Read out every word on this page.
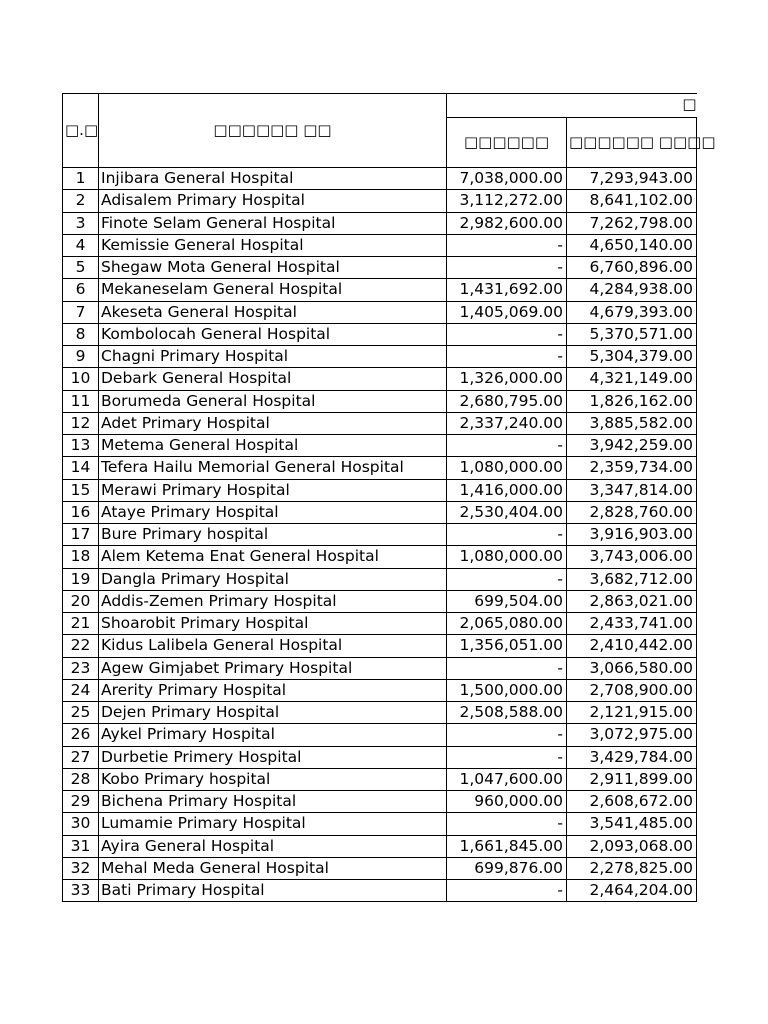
□.□	□□□□□□ □□	□	
		□□□□□□	□□□□□□ □□□□
1	Injibara General Hospital	7,038,000.00	7,293,943.00
2	Adisalem Primary Hospital	3,112,272.00	8,641,102.00
3	Finote Selam General Hospital	2,982,600.00	7,262,798.00
4	Kemissie General Hospital	-	4,650,140.00
5	Shegaw Mota General Hospital	-	6,760,896.00
6	Mekaneselam General Hospital	1,431,692.00	4,284,938.00
7	Akeseta General Hospital	1,405,069.00	4,679,393.00
8	Kombolocah General Hospital	-	5,370,571.00
9	Chagni Primary Hospital	-	5,304,379.00
10	Debark General Hospital	1,326,000.00	4,321,149.00
11	Borumeda General Hospital	2,680,795.00	1,826,162.00
12	Adet Primary Hospital	2,337,240.00	3,885,582.00
13	Metema General Hospital	-	3,942,259.00
14	Tefera Hailu Memorial General Hospital	1,080,000.00	2,359,734.00
15	Merawi Primary Hospital	1,416,000.00	3,347,814.00
16	Ataye Primary Hospital	2,530,404.00	2,828,760.00
17	Bure Primary hospital	-	3,916,903.00
18	Alem Ketema Enat General Hospital	1,080,000.00	3,743,006.00
19	Dangla Primary Hospital	-	3,682,712.00
20	Addis-Zemen Primary Hospital	699,504.00	2,863,021.00
21	Shoarobit Primary Hospital	2,065,080.00	2,433,741.00
22	Kidus Lalibela General Hospital	1,356,051.00	2,410,442.00
23	Agew Gimjabet Primary Hospital	-	3,066,580.00
24	Arerity Primary Hospital	1,500,000.00	2,708,900.00
25	Dejen Primary Hospital	2,508,588.00	2,121,915.00
26	Aykel Primary Hospital	-	3,072,975.00
27	Durbetie Primery Hospital	-	3,429,784.00
28	Kobo Primary hospital	1,047,600.00	2,911,899.00
29	Bichena Primary Hospital	960,000.00	2,608,672.00
30	Lumamie Primary Hospital	-	3,541,485.00
31	Ayira General Hospital	1,661,845.00	2,093,068.00
32	Mehal Meda General Hospital	699,876.00	2,278,825.00
33	Bati Primary Hospital	-	2,464,204.00
